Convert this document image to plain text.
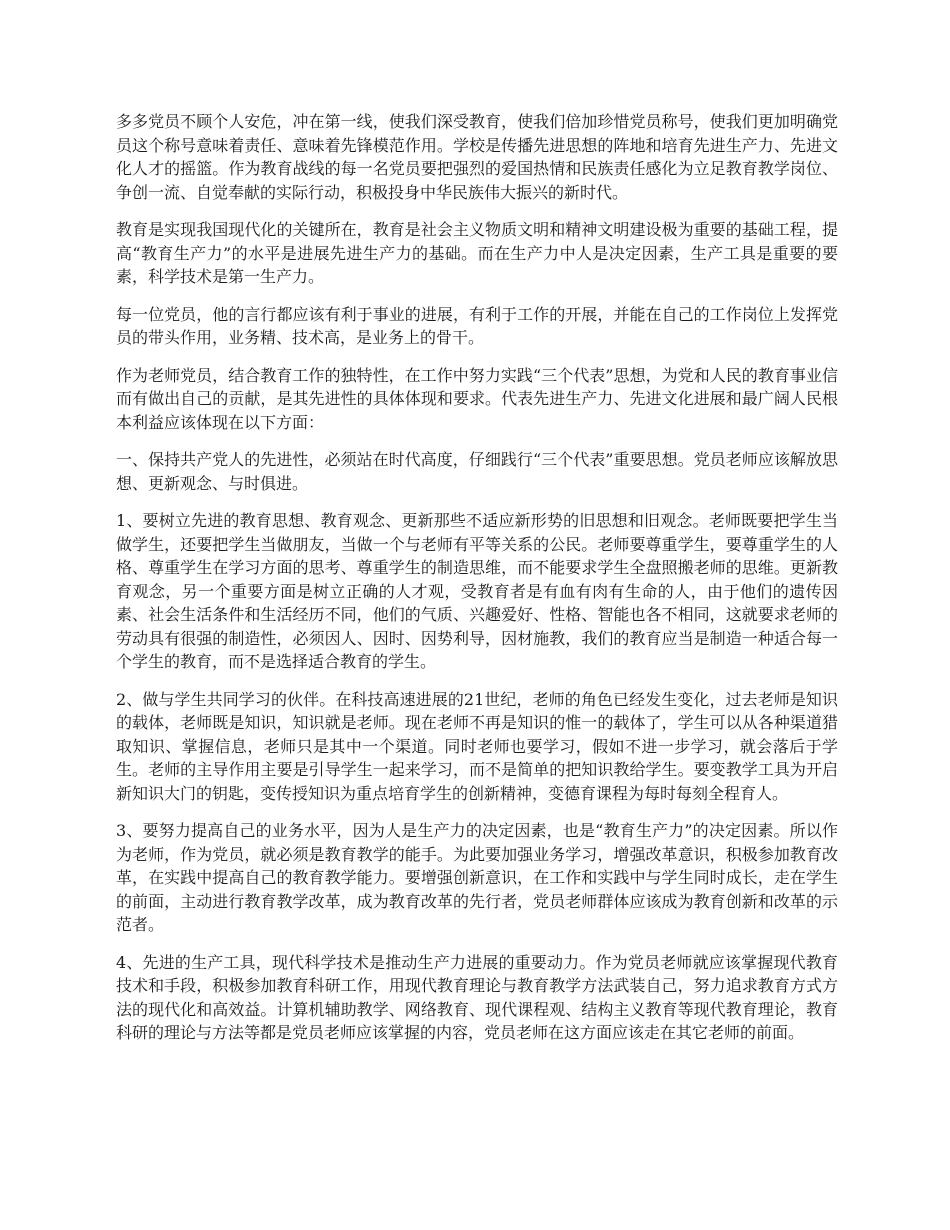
多多党员不顾个人安危，冲在第一线，使我们深受教育，使我们倍加珍惜党员称号，使我们更加明确党员这个称号意味着责任、意味着先锋模范作用。学校是传播先进思想的阵地和培育先进生产力、先进文化人才的摇篮。作为教育战线的每一名党员要把强烈的爱国热情和民族责任感化为立足教育教学岗位、争创一流、自觉奉献的实际行动，积极投身中华民族伟大振兴的新时代。

教育是实现我国现代化的关键所在，教育是社会主义物质文明和精神文明建设极为重要的基础工程，提高“教育生产力”的水平是进展先进生产力的基础。而在生产力中人是决定因素，生产工具是重要的要素，科学技术是第一生产力。

每一位党员，他的言行都应该有利于事业的进展，有利于工作的开展，并能在自己的工作岗位上发挥党员的带头作用，业务精、技术高，是业务上的骨干。

作为老师党员，结合教育工作的独特性，在工作中努力实践“三个代表”思想，为党和人民的教育事业信而有做出自己的贡献，是其先进性的具体体现和要求。代表先进生产力、先进文化进展和最广阔人民根本利益应该体现在以下方面：

一、保持共产党人的先进性，必须站在时代高度，仔细践行“三个代表”重要思想。党员老师应该解放思想、更新观念、与时俱进。

1、要树立先进的教育思想、教育观念、更新那些不适应新形势的旧思想和旧观念。老师既要把学生当做学生，还要把学生当做朋友，当做一个与老师有平等关系的公民。老师要尊重学生，要尊重学生的人格、尊重学生在学习方面的思考、尊重学生的制造思维，而不能要求学生全盘照搬老师的思维。更新教育观念，另一个重要方面是树立正确的人才观，受教育者是有血有肉有生命的人，由于他们的遗传因素、社会生活条件和生活经历不同，他们的气质、兴趣爱好、性格、智能也各不相同，这就要求老师的劳动具有很强的制造性，必须因人、因时、因势利导，因材施教，我们的教育应当是制造一种适合每一个学生的教育，而不是选择适合教育的学生。

2、做与学生共同学习的伙伴。在科技高速进展的21世纪，老师的角色已经发生变化，过去老师是知识的载体，老师既是知识，知识就是老师。现在老师不再是知识的惟一的载体了，学生可以从各种渠道猎取知识、掌握信息，老师只是其中一个渠道。同时老师也要学习，假如不进一步学习，就会落后于学生。老师的主导作用主要是引导学生一起来学习，而不是简单的把知识教给学生。要变教学工具为开启新知识大门的钥匙，变传授知识为重点培育学生的创新精神，变德育课程为每时每刻全程育人。

3、要努力提高自己的业务水平，因为人是生产力的决定因素，也是“教育生产力”的决定因素。所以作为老师，作为党员，就必须是教育教学的能手。为此要加强业务学习，增强改革意识，积极参加教育改革，在实践中提高自己的教育教学能力。要增强创新意识，在工作和实践中与学生同时成长，走在学生的前面，主动进行教育教学改革，成为教育改革的先行者，党员老师群体应该成为教育创新和改革的示范者。

4、先进的生产工具，现代科学技术是推动生产力进展的重要动力。作为党员老师就应该掌握现代教育技术和手段，积极参加教育科研工作，用现代教育理论与教育教学方法武装自己，努力追求教育方式方法的现代化和高效益。计算机辅助教学、网络教育、现代课程观、结构主义教育等现代教育理论，教育科研的理论与方法等都是党员老师应该掌握的内容，党员老师在这方面应该走在其它老师的前面。
